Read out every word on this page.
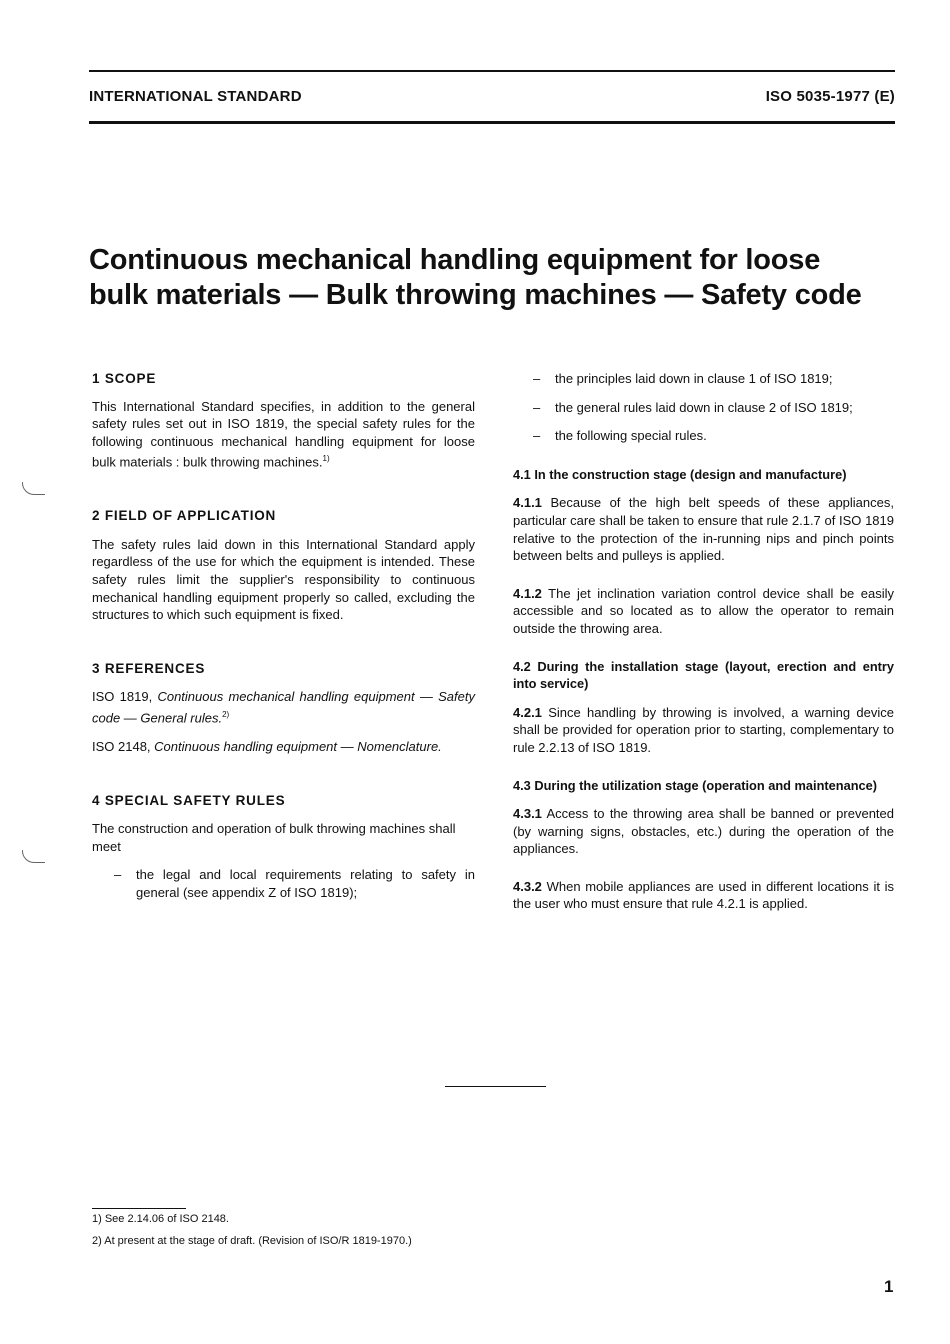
INTERNATIONAL STANDARD	ISO 5035-1977 (E)
Continuous mechanical handling equipment for loose bulk materials — Bulk throwing machines — Safety code
1 SCOPE

This International Standard specifies, in addition to the general safety rules set out in ISO 1819, the special safety rules for the following continuous mechanical handling equipment for loose bulk materials : bulk throwing machines.$^{1)}$

2 FIELD OF APPLICATION

The safety rules laid down in this International Standard apply regardless of the use for which the equipment is intended. These safety rules limit the supplier's responsibility to continuous mechanical handling equipment properly so called, excluding the structures to which such equipment is fixed.

3 REFERENCES

ISO 1819, Continuous mechanical handling equipment — Safety code — General rules.$^{2)}$

ISO 2148, Continuous handling equipment — Nomenclature.

4 SPECIAL SAFETY RULES

The construction and operation of bulk throwing machines shall meet

– the legal and local requirements relating to safety in general (see appendix Z of ISO 1819);

– the principles laid down in clause 1 of ISO 1819;

– the general rules laid down in clause 2 of ISO 1819;

– the following special rules.

4.1 In the construction stage (design and manufacture)

4.1.1 Because of the high belt speeds of these appliances, particular care shall be taken to ensure that rule 2.1.7 of ISO 1819 relative to the protection of the in-running nips and pinch points between belts and pulleys is applied.

4.1.2 The jet inclination variation control device shall be easily accessible and so located as to allow the operator to remain outside the throwing area.

4.2 During the installation stage (layout, erection and entry into service)

4.2.1 Since handling by throwing is involved, a warning device shall be provided for operation prior to starting, complementary to rule 2.2.13 of ISO 1819.

4.3 During the utilization stage (operation and maintenance)

4.3.1 Access to the throwing area shall be banned or prevented (by warning signs, obstacles, etc.) during the operation of the appliances.

4.3.2 When mobile appliances are used in different locations it is the user who must ensure that rule 4.2.1 is applied.

1) See 2.14.06 of ISO 2148.
2) At present at the stage of draft. (Revision of ISO/R 1819-1970.)
1
